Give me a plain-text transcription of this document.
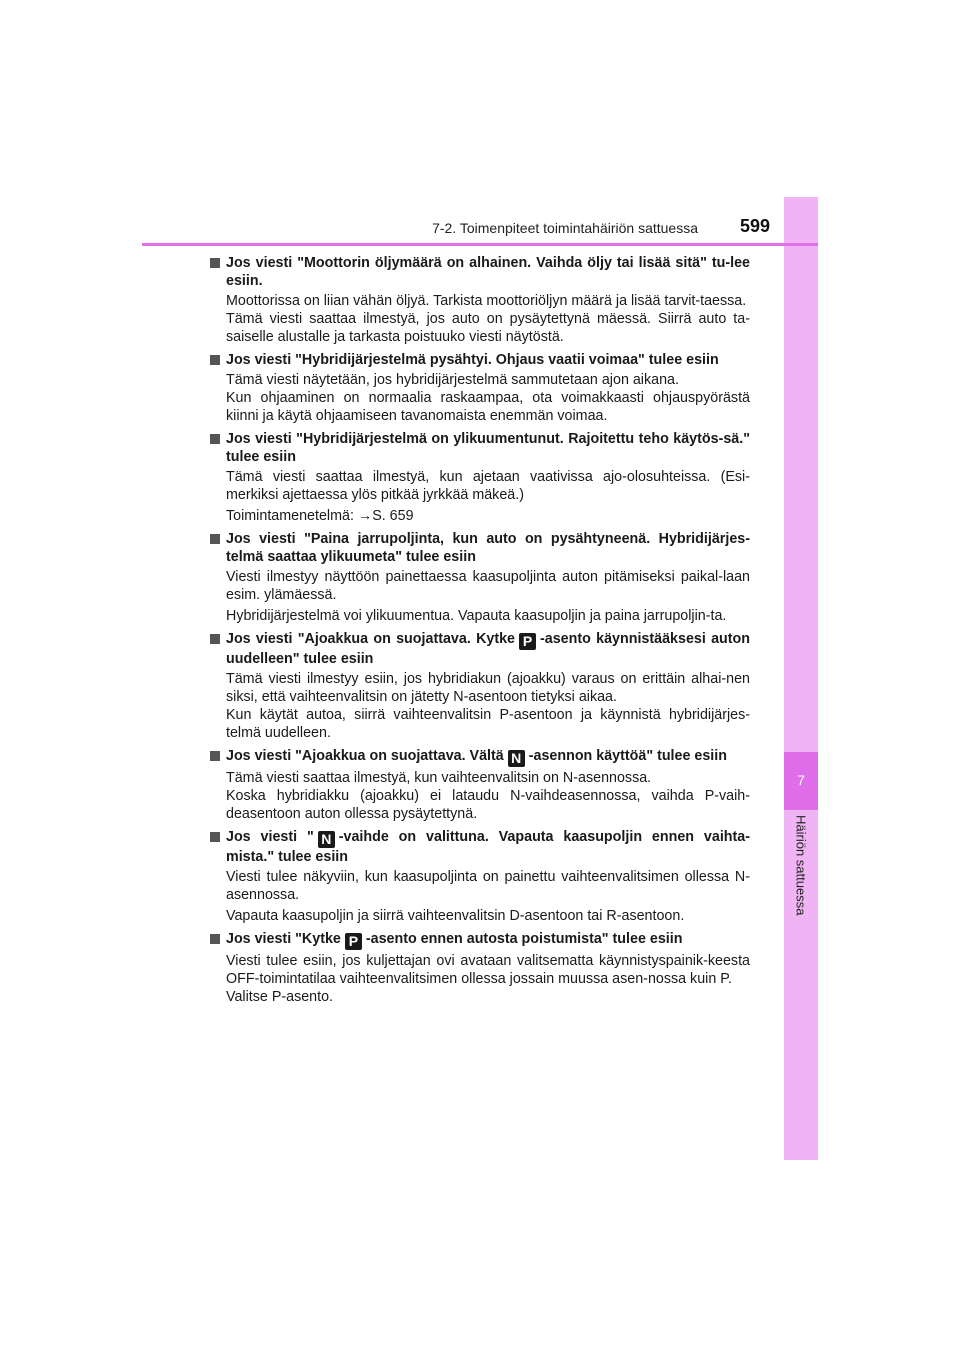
7
Häiriön sattuessa
7-2. Toimenpiteet toimintahäiriön sattuessa 599
Jos viesti "Moottorin öljymäärä on alhainen. Vaihda öljy tai lisää sitä" tu-lee esiin.
Moottorissa on liian vähän öljyä. Tarkista moottoriöljyn määrä ja lisää tarvit-taessa.
Tämä viesti saattaa ilmestyä, jos auto on pysäytettynä mäessä. Siirrä auto ta-saiselle alustalle ja tarkasta poistuuko viesti näytöstä.
Jos viesti "Hybridijärjestelmä pysähtyi. Ohjaus vaatii voimaa" tulee esiin
Tämä viesti näytetään, jos hybridijärjestelmä sammutetaan ajon aikana.
Kun ohjaaminen on normaalia raskaampaa, ota voimakkaasti ohjauspyörästä kiinni ja käytä ohjaamiseen tavanomaista enemmän voimaa.
Jos viesti "Hybridijärjestelmä on ylikuumentunut. Rajoitettu teho käytös-sä." tulee esiin
Tämä viesti saattaa ilmestyä, kun ajetaan vaativissa ajo-olosuhteissa. (Esi-merkiksi ajettaessa ylös pitkää jyrkkää mäkeä.)
Toimintamenetelmä: →S. 659
Jos viesti "Paina jarrupoljinta, kun auto on pysähtyneenä. Hybridijärjes-telmä saattaa ylikuumeta" tulee esiin
Viesti ilmestyy näyttöön painettaessa kaasupoljinta auton pitämiseksi paikal-laan esim. ylämäessä.
Hybridijärjestelmä voi ylikuumentua. Vapauta kaasupoljin ja paina jarrupoljin-ta.
Jos viesti "Ajoakkua on suojattava. Kytke P -asento käynnistääksesi auton uudelleen" tulee esiin
Tämä viesti ilmestyy esiin, jos hybridiakun (ajoakku) varaus on erittäin alhai-nen siksi, että vaihteenvalitsin on jätetty N-asentoon tietyksi aikaa.
Kun käytät autoa, siirrä vaihteenvalitsin P-asentoon ja käynnistä hybridijärjes-telmä uudelleen.
Jos viesti "Ajoakkua on suojattava. Vältä N -asennon käyttöä" tulee esiin
Tämä viesti saattaa ilmestyä, kun vaihteenvalitsin on N-asennossa.
Koska hybridiakku (ajoakku) ei lataudu N-vaihdeasennossa, vaihda P-vaih-deasentoon auton ollessa pysäytettynä.
Jos viesti " N -vaihde on valittuna. Vapauta kaasupoljin ennen vaihta-mista." tulee esiin
Viesti tulee näkyviin, kun kaasupoljinta on painettu vaihteenvalitsimen ollessa N-asennossa.
Vapauta kaasupoljin ja siirrä vaihteenvalitsin D-asentoon tai R-asentoon.
Jos viesti "Kytke P -asento ennen autosta poistumista" tulee esiin
Viesti tulee esiin, jos kuljettajan ovi avataan valitsematta käynnistyspainik-keesta OFF-toimintatilaa vaihteenvalitsimen ollessa jossain muussa asen-nossa kuin P.
Valitse P-asento.
